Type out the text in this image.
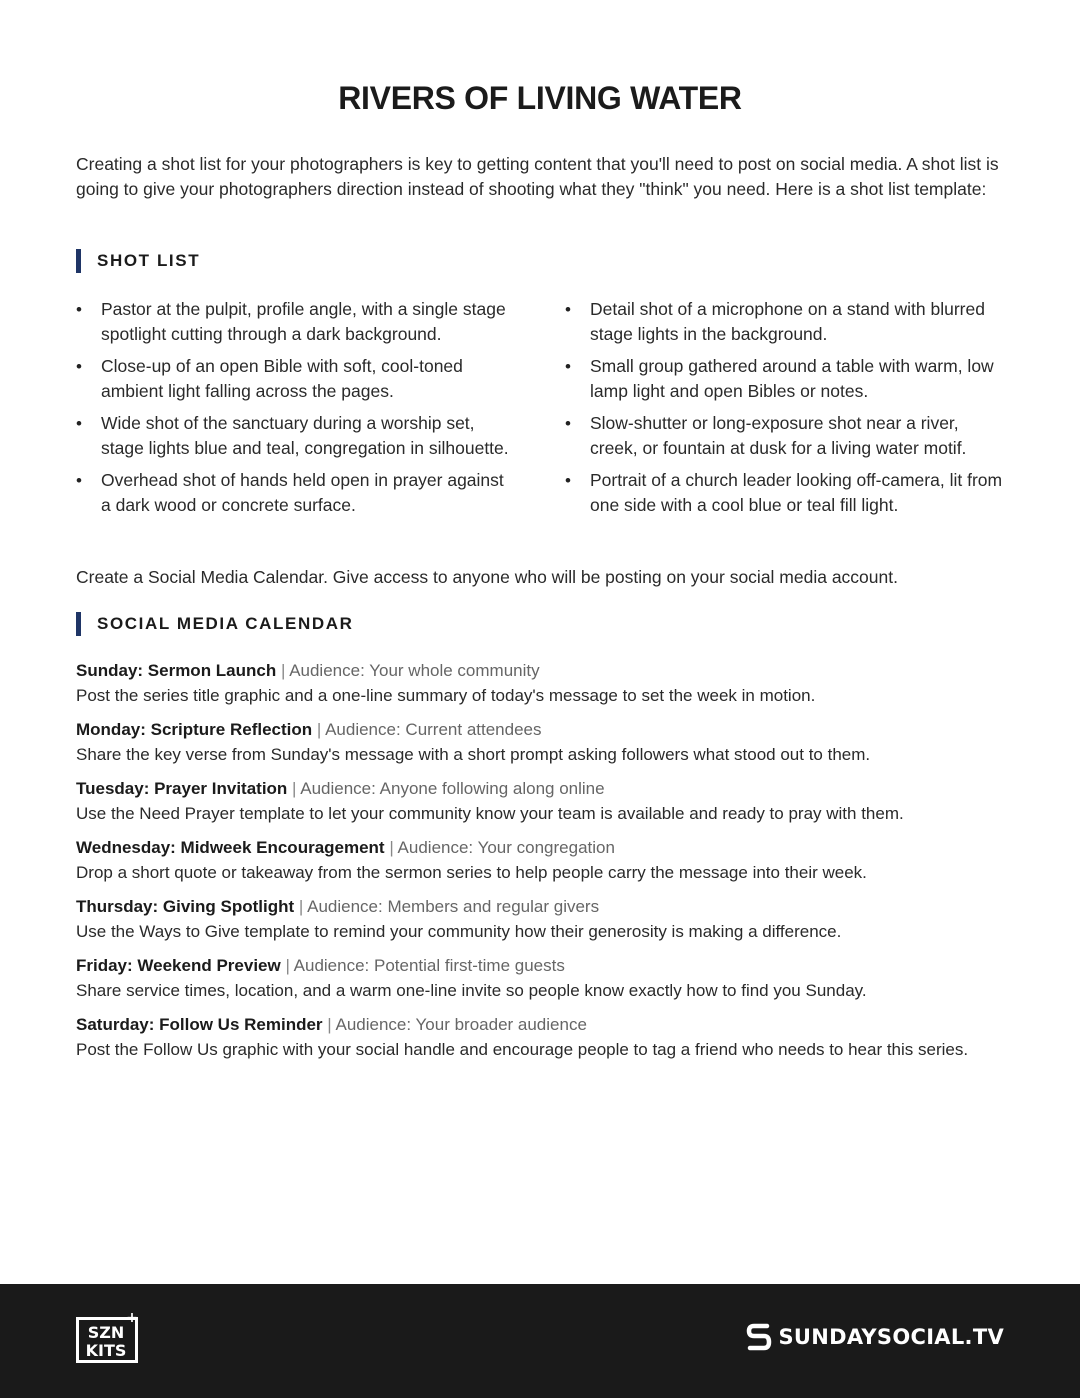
RIVERS OF LIVING WATER

Creating a shot list for your photographers is key to getting content that you'll need to post on social media. A shot list is going to give your photographers direction instead of shooting what they "think" you need. Here is a shot list template:

SHOT LIST
• Pastor at the pulpit, profile angle, with a single stage spotlight cutting through a dark background.
• Close-up of an open Bible with soft, cool-toned ambient light falling across the pages.
• Wide shot of the sanctuary during a worship set, stage lights blue and teal, congregation in silhouette.
• Overhead shot of hands held open in prayer against a dark wood or concrete surface.
• Detail shot of a microphone on a stand with blurred stage lights in the background.
• Small group gathered around a table with warm, low lamp light and open Bibles or notes.
• Slow-shutter or long-exposure shot near a river, creek, or fountain at dusk for a living water motif.
• Portrait of a church leader looking off-camera, lit from one side with a cool blue or teal fill light.

Create a Social Media Calendar. Give access to anyone who will be posting on your social media account.

SOCIAL MEDIA CALENDAR
Sunday: Sermon Launch | Audience: Your whole community
Post the series title graphic and a one-line summary of today's message to set the week in motion.
Monday: Scripture Reflection | Audience: Current attendees
Share the key verse from Sunday's message with a short prompt asking followers what stood out to them.
Tuesday: Prayer Invitation | Audience: Anyone following along online
Use the Need Prayer template to let your community know your team is available and ready to pray with them.
Wednesday: Midweek Encouragement | Audience: Your congregation
Drop a short quote or takeaway from the sermon series to help people carry the message into their week.
Thursday: Giving Spotlight | Audience: Members and regular givers
Use the Ways to Give template to remind your community how their generosity is making a difference.
Friday: Weekend Preview | Audience: Potential first-time guests
Share service times, location, and a warm one-line invite so people know exactly how to find you Sunday.
Saturday: Follow Us Reminder | Audience: Your broader audience
Post the Follow Us graphic with your social handle and encourage people to tag a friend who needs to hear this series.
SZN
KITS
+
SUNDAYSOCIAL.TV
